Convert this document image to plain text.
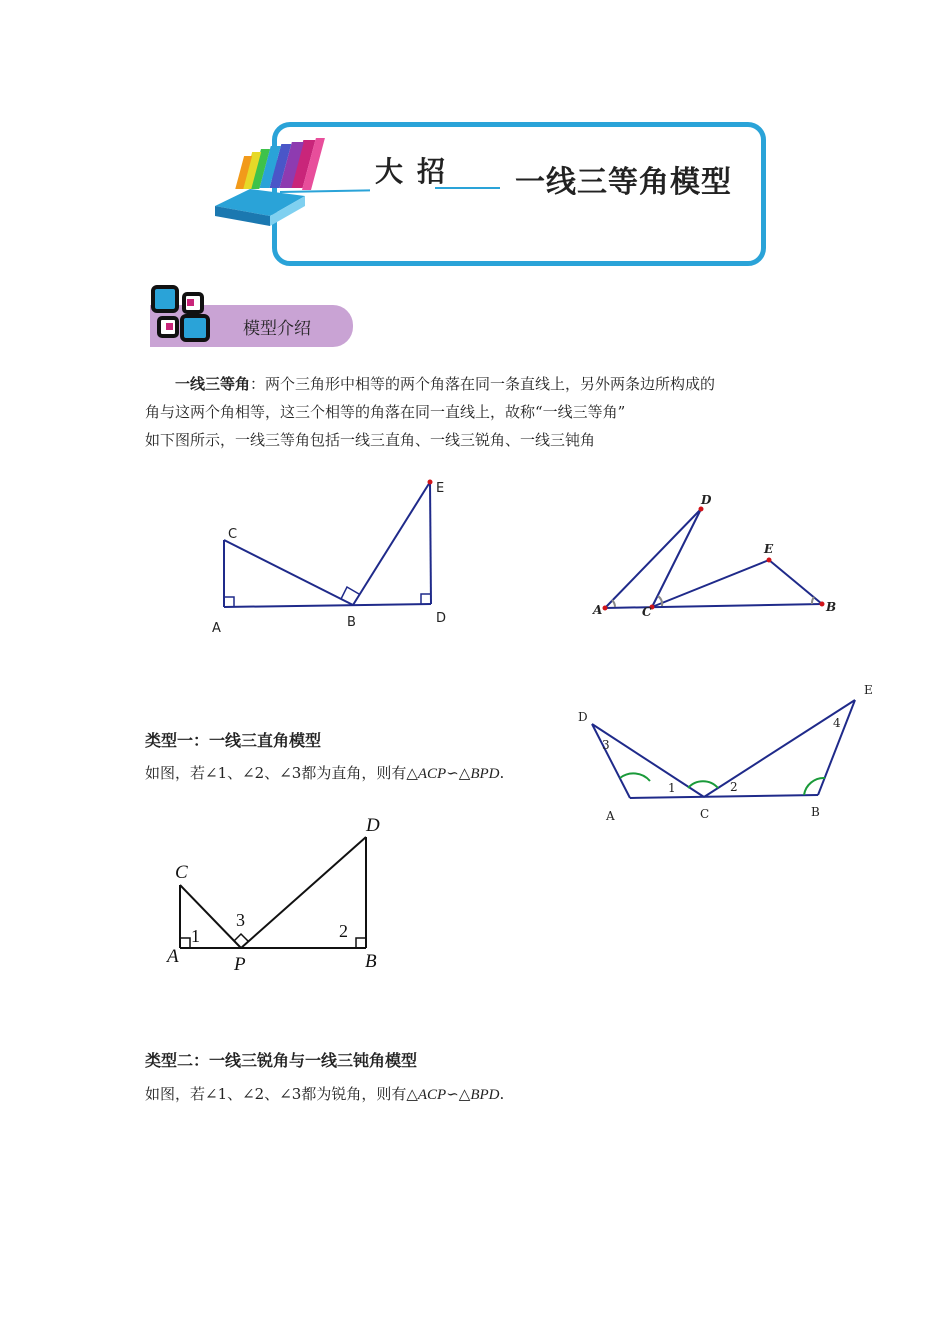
大招 一线三等角模型
模型介绍

一线三等角：两个三角形中相等的两个角落在同一条直线上，另外两条边所构成的

角与这两个角相等，这三个相等的角落在同一直线上，故称“一线三等角”

如下图所示，一线三等角包括一线三直角、一线三锐角、一线三钝角

C
A	B	D
E
A
D
C
E
B
D
A	C	B
E
3
1	2
4
类型一：一线三直角模型
如图，若∠1、∠2、∠3都为直角，则有△ACP∽△BPD.
C
A	P	B
D
1
3
2
类型二：一线三锐角与一线三钝角模型
如图，若∠1、∠2、∠3都为锐角，则有△ACP∽△BPD.
